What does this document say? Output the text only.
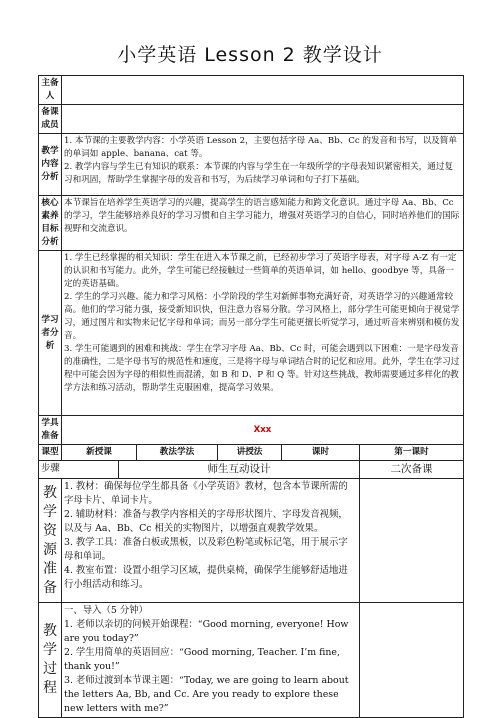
小学英语 Lesson 2 教学设计
主备人						
备课成员						
教学内容分析	1. 本节课的主要教学内容：小学英语 Lesson 2，主要包括字母 Aa、Bb、Cc 的发音和书写，以及简单的单词如 apple、banana、cat 等。

2. 教学内容与学生已有知识的联系：本节课的内容与学生在一年级所学的字母表知识紧密相关，通过复习和巩固，帮助学生掌握字母的发音和书写，为后续学习单词和句子打下基础。					

核心素养目标分析	本节课旨在培养学生英语学习的兴趣，提高学生的语言感知能力和跨文化意识。通过字母 Aa、Bb、Cc 的学习，学生能够培养良好的学习习惯和自主学习能力，增强对英语学习的自信心，同时培养他们的国际视野和交流意识。					

学习者分析	1. 学生已经掌握的相关知识：学生在进入本节课之前，已经初步学习了英语字母表，对字母 A-Z 有一定的认识和书写能力。此外，学生可能已经接触过一些简单的英语单词，如 hello、goodbye 等，具备一定的英语基础。

2. 学生的学习兴趣、能力和学习风格：小学阶段的学生对新鲜事物充满好奇，对英语学习的兴趣通常较高。他们的学习能力强，接受新知识快，但注意力容易分散。学习风格上，部分学生可能更倾向于视觉学习，通过图片和实物来记忆字母和单词；而另一部分学生可能更擅长听觉学习，通过听音来辨别和模仿发音。

3. 学生可能遇到的困难和挑战：学生在学习字母 Aa、Bb、Cc 时，可能会遇到以下困难：一是字母发音的准确性，二是字母书写的规范性和速度，三是将字母与单词结合时的记忆和应用。此外，学生在学习过程中可能会因为字母的相似性而混淆，如 B 和 D、P 和 Q 等。针对这些挑战，教师需要通过多样化的教学方法和练习活动，帮助学生克服困难，提高学习效果。					

学具准备	Xxx					
课型	新授课		教法学法	讲授法	课时	第一课时
步骤		师生互动设计				二次备课
教学资源准备	1. 教材：确保每位学生都具备《小学英语》教材，包含本节课所需的字母卡片、单词卡片。

2. 辅助材料：准备与教学内容相关的字母形状图片、字母发音视频，以及与 Aa、Bb、Cc 相关的实物图片，以增强直观教学效果。

3. 教学工具：准备白板或黑板，以及彩色粉笔或标记笔，用于展示字母和单词。

4. 教室布置：设置小组学习区域，提供桌椅，确保学生能够舒适地进行小组活动和练习。					

教学过程	一、导入（5 分钟）

1. 老师以亲切的问候开始课程：“Good morning, everyone! How are you today?”

2. 学生用简单的英语回应：“Good morning, Teacher. I’m fine, thank you!”

3. 老师过渡到本节课主题：“Today, we are going to learn about the letters Aa, Bb, and Cc. Are you ready to explore these new letters with me?”					
